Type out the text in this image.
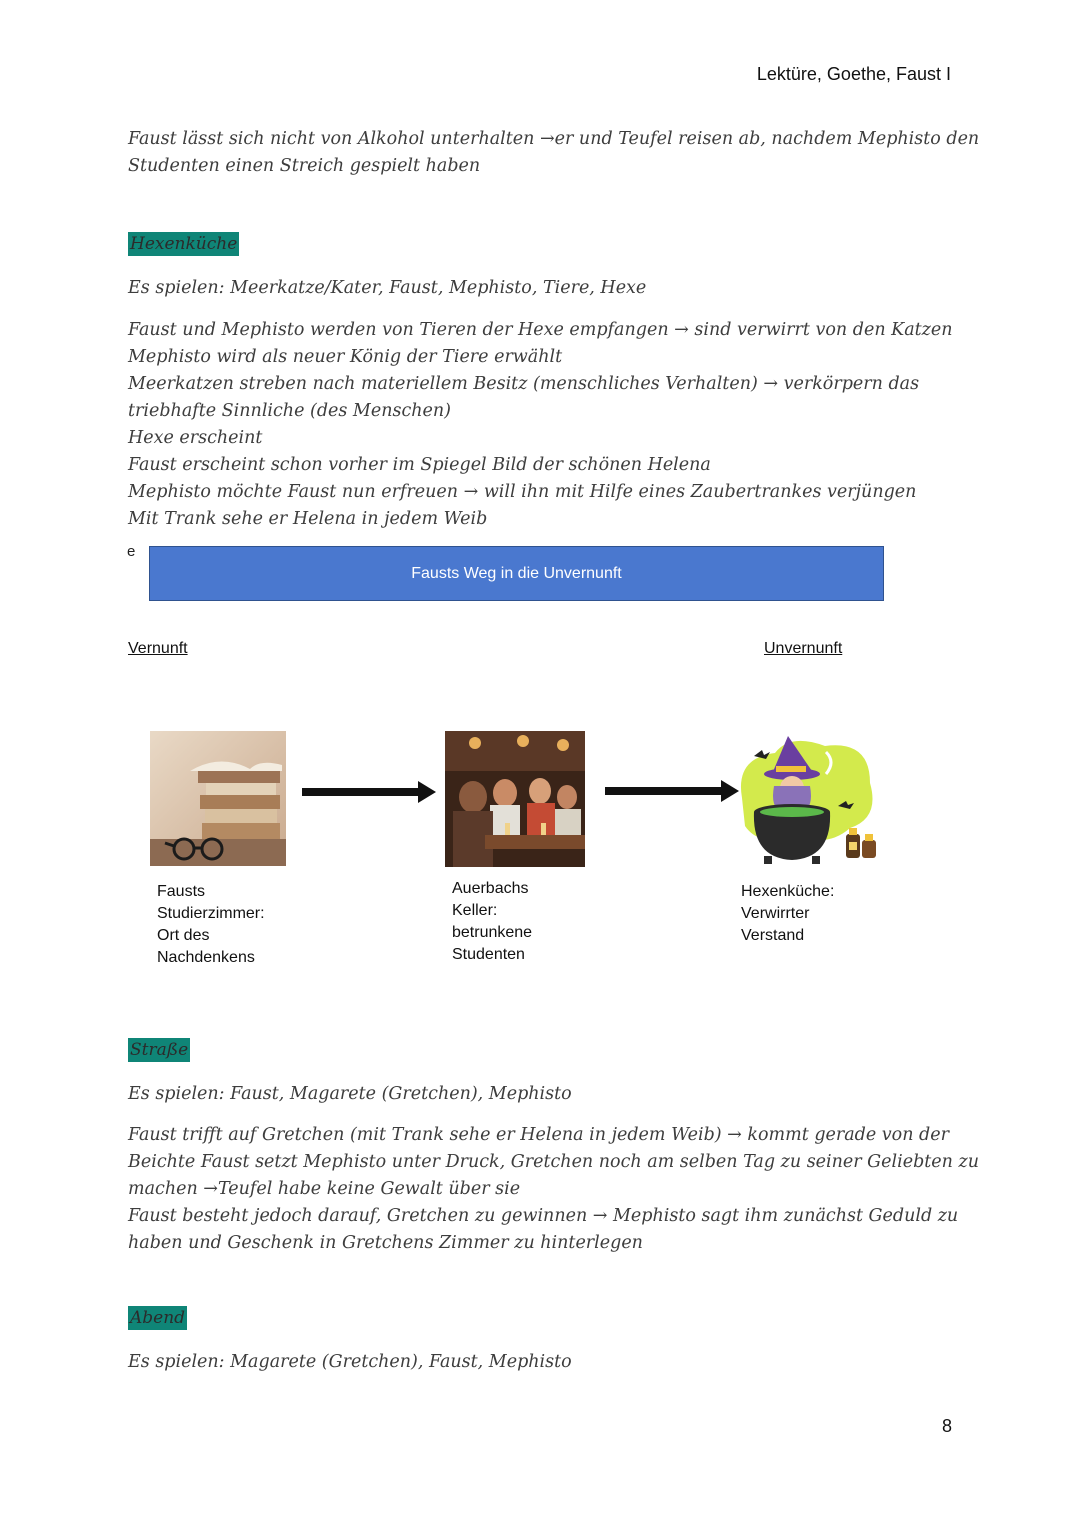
Lektüre, Goethe, Faust I
Faust lässt sich nicht von Alkohol unterhalten →er und Teufel reisen ab, nachdem Mephisto den
Studenten einen Streich gespielt haben
Hexenküche
Es spielen: Meerkatze/Kater, Faust, Mephisto, Tiere, Hexe
Faust und Mephisto werden von Tieren der Hexe empfangen → sind verwirrt von den Katzen
Mephisto wird als neuer König der Tiere erwählt
Meerkatzen streben nach materiellem Besitz (menschliches Verhalten) → verkörpern das
triebhafte Sinnliche (des Menschen)
Hexe erscheint
Faust erscheint schon vorher im Spiegel Bild der schönen Helena
Mephisto möchte Faust nun erfreuen → will ihn mit Hilfe eines Zaubertrankes verjüngen
Mit Trank sehe er Helena in jedem Weib
e
Fausts Weg in die Unvernunft
Vernunft	Unvernunft
Fausts
Studierzimmer:
Ort des
Nachdenkens
Auerbachs
Keller:
betrunkene
Studenten
Hexenküche:
Verwirrter
Verstand
Straße
Es spielen: Faust, Magarete (Gretchen), Mephisto
Faust trifft auf Gretchen (mit Trank sehe er Helena in jedem Weib) → kommt gerade von der
Beichte Faust setzt Mephisto unter Druck, Gretchen noch am selben Tag zu seiner Geliebten zu
machen →Teufel habe keine Gewalt über sie
Faust besteht jedoch darauf, Gretchen zu gewinnen → Mephisto sagt ihm zunächst Geduld zu
haben und Geschenk in Gretchens Zimmer zu hinterlegen
Abend
Es spielen: Magarete (Gretchen), Faust, Mephisto
8
